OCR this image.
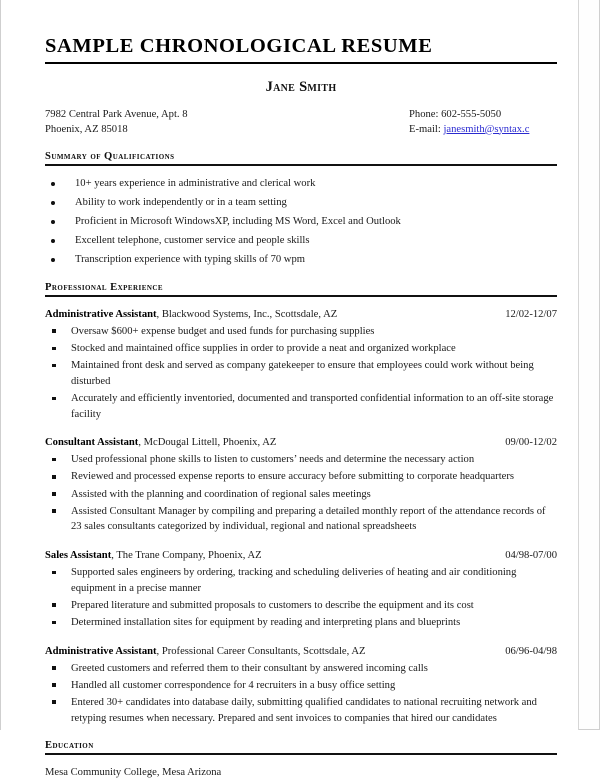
SAMPLE CHRONOLOGICAL RESUME
Jane Smith
7982 Central Park Avenue, Apt. 8
Phoenix, AZ 85018
Phone: 602-555-5050
E-mail: janesmith@syntax.c
Summary of Qualifications
10+ years experience in administrative and clerical work
Ability to work independently or in a team setting
Proficient in Microsoft WindowsXP, including MS Word, Excel and Outlook
Excellent telephone, customer service and people skills
Transcription experience with typing skills of 70 wpm
Professional Experience
Administrative Assistant, Blackwood Systems, Inc., Scottsdale, AZ	12/02-12/07
Oversaw $600+ expense budget and used funds for purchasing supplies
Stocked and maintained office supplies in order to provide a neat and organized workplace
Maintained front desk and served as company gatekeeper to ensure that employees could work without being disturbed
Accurately and efficiently inventoried, documented and transported confidential information to an off-site storage facility
Consultant Assistant, McDougal Littell, Phoenix, AZ	09/00-12/02
Used professional phone skills to listen to customers’ needs and determine the necessary action
Reviewed and processed expense reports to ensure accuracy before submitting to corporate headquarters
Assisted with the planning and coordination of regional sales meetings
Assisted Consultant Manager by compiling and preparing a detailed monthly report of the attendance records of 23 sales consultants categorized by individual, regional and national spreadsheets
Sales Assistant, The Trane Company, Phoenix, AZ	04/98-07/00
Supported sales engineers by ordering, tracking and scheduling deliveries of heating and air conditioning equipment in a precise manner
Prepared literature and submitted proposals to customers to describe the equipment and its cost
Determined installation sites for equipment by reading and interpreting plans and blueprints
Administrative Assistant, Professional Career Consultants, Scottsdale, AZ	06/96-04/98
Greeted customers and referred them to their consultant by answered incoming calls
Handled all customer correspondence for 4 recruiters in a busy office setting
Entered 30+ candidates into database daily, submitting qualified candidates to national recruiting network and retyping resumes when necessary. Prepared and sent invoices to companies that hired our candidates
Education
Mesa Community College, Mesa Arizona
